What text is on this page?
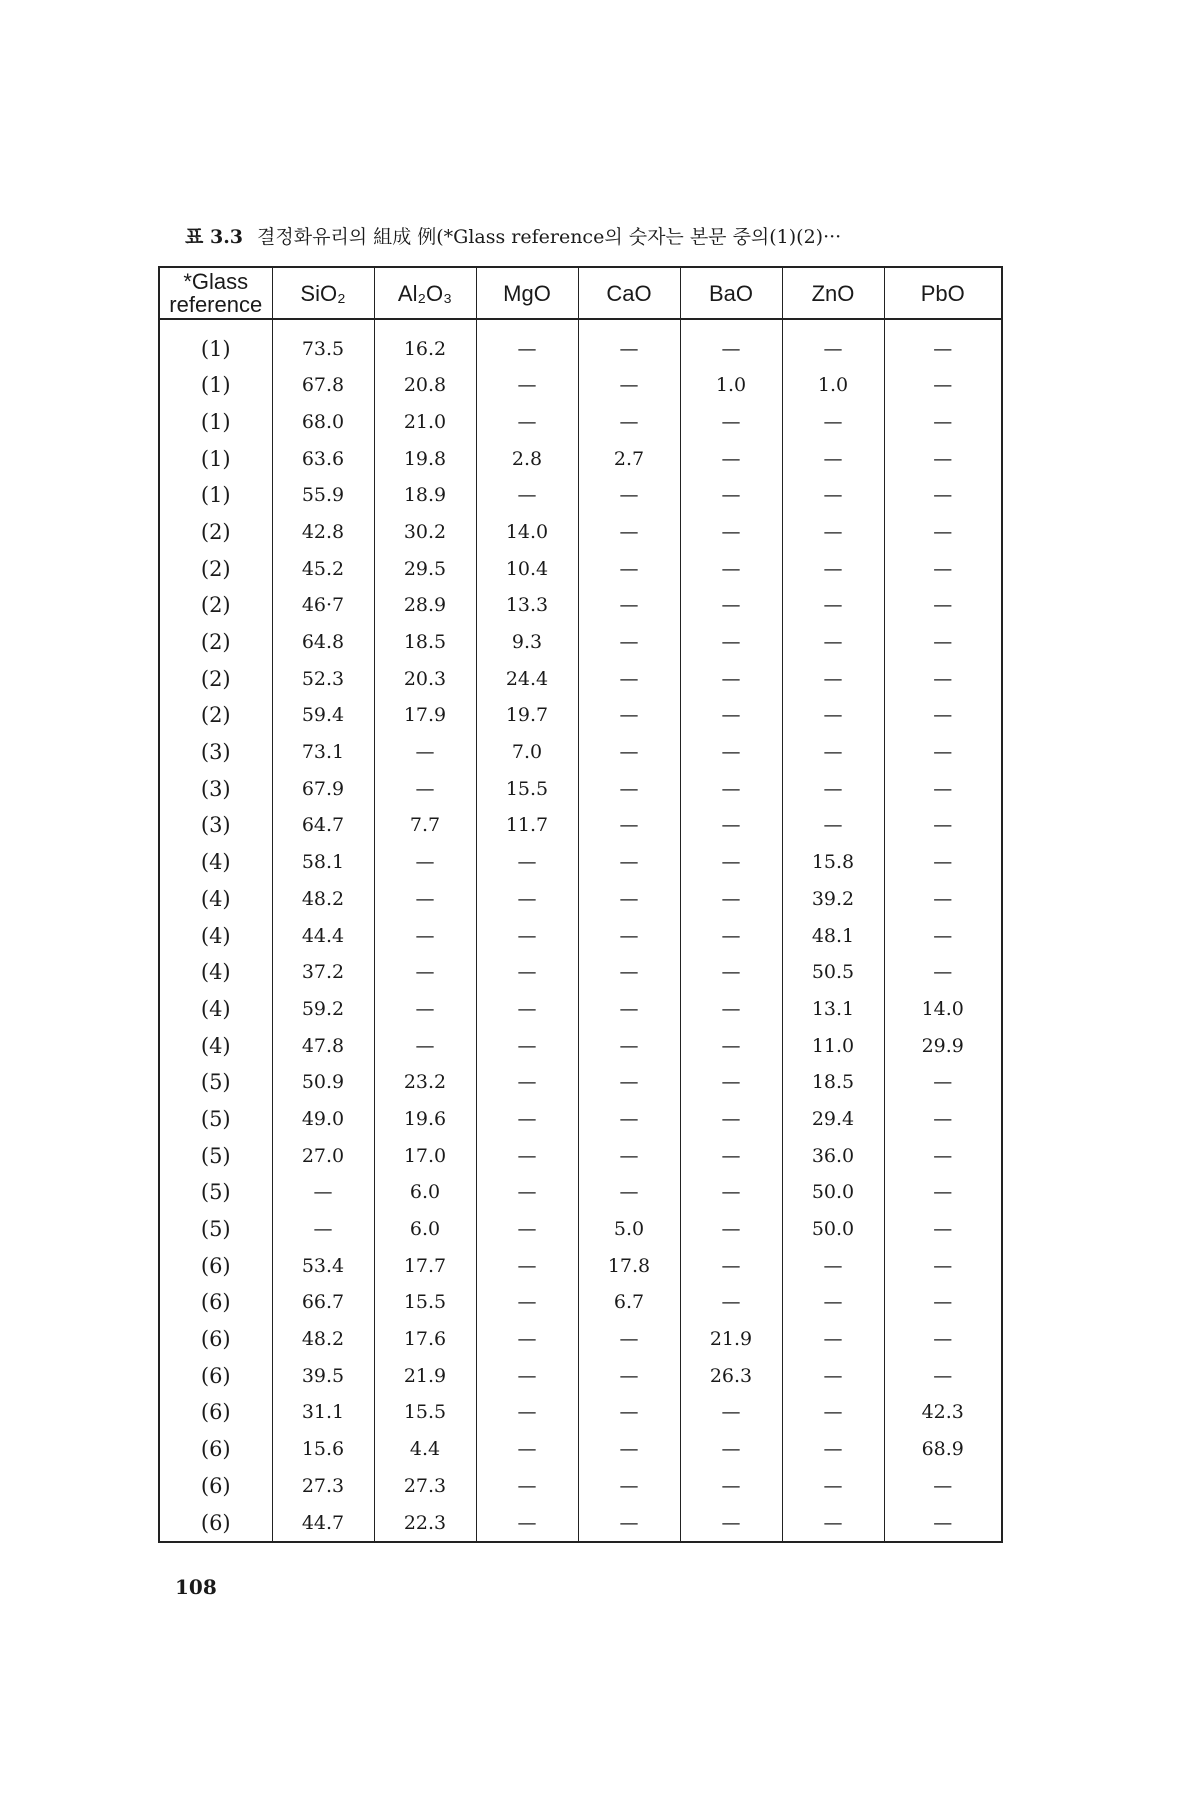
표 3.3 결정화유리의 組成 例(*Glass reference의 숫자는 본문 중의(1)(2)···
*Glass reference	SiO₂	Al₂O₃	MgO	CaO	BaO	ZnO	PbO
(1)	73.5	16.2	—	—	—	—	—
(1)	67.8	20.8	—	—	1.0	1.0	—
(1)	68.0	21.0	—	—	—	—	—
(1)	63.6	19.8	2.8	2.7	—	—	—
(1)	55.9	18.9	—	—	—	—	—
(2)	42.8	30.2	14.0	—	—	—	—
(2)	45.2	29.5	10.4	—	—	—	—
(2)	46·7	28.9	13.3	—	—	—	—
(2)	64.8	18.5	9.3	—	—	—	—
(2)	52.3	20.3	24.4	—	—	—	—
(2)	59.4	17.9	19.7	—	—	—	—
(3)	73.1	—	7.0	—	—	—	—
(3)	67.9	—	15.5	—	—	—	—
(3)	64.7	7.7	11.7	—	—	—	—
(4)	58.1	—	—	—	—	15.8	—
(4)	48.2	—	—	—	—	39.2	—
(4)	44.4	—	—	—	—	48.1	—
(4)	37.2	—	—	—	—	50.5	—
(4)	59.2	—	—	—	—	13.1	14.0
(4)	47.8	—	—	—	—	11.0	29.9
(5)	50.9	23.2	—	—	—	18.5	—
(5)	49.0	19.6	—	—	—	29.4	—
(5)	27.0	17.0	—	—	—	36.0	—
(5)	—	6.0	—	—	—	50.0	—
(5)	—	6.0	—	5.0	—	50.0	—
(6)	53.4	17.7	—	17.8	—	—	—
(6)	66.7	15.5	—	6.7	—	—	—
(6)	48.2	17.6	—	—	21.9	—	—
(6)	39.5	21.9	—	—	26.3	—	—
(6)	31.1	15.5	—	—	—	—	42.3
(6)	15.6	4.4	—	—	—	—	68.9
(6)	27.3	27.3	—	—	—	—	—
(6)	44.7	22.3	—	—	—	—	—
108
